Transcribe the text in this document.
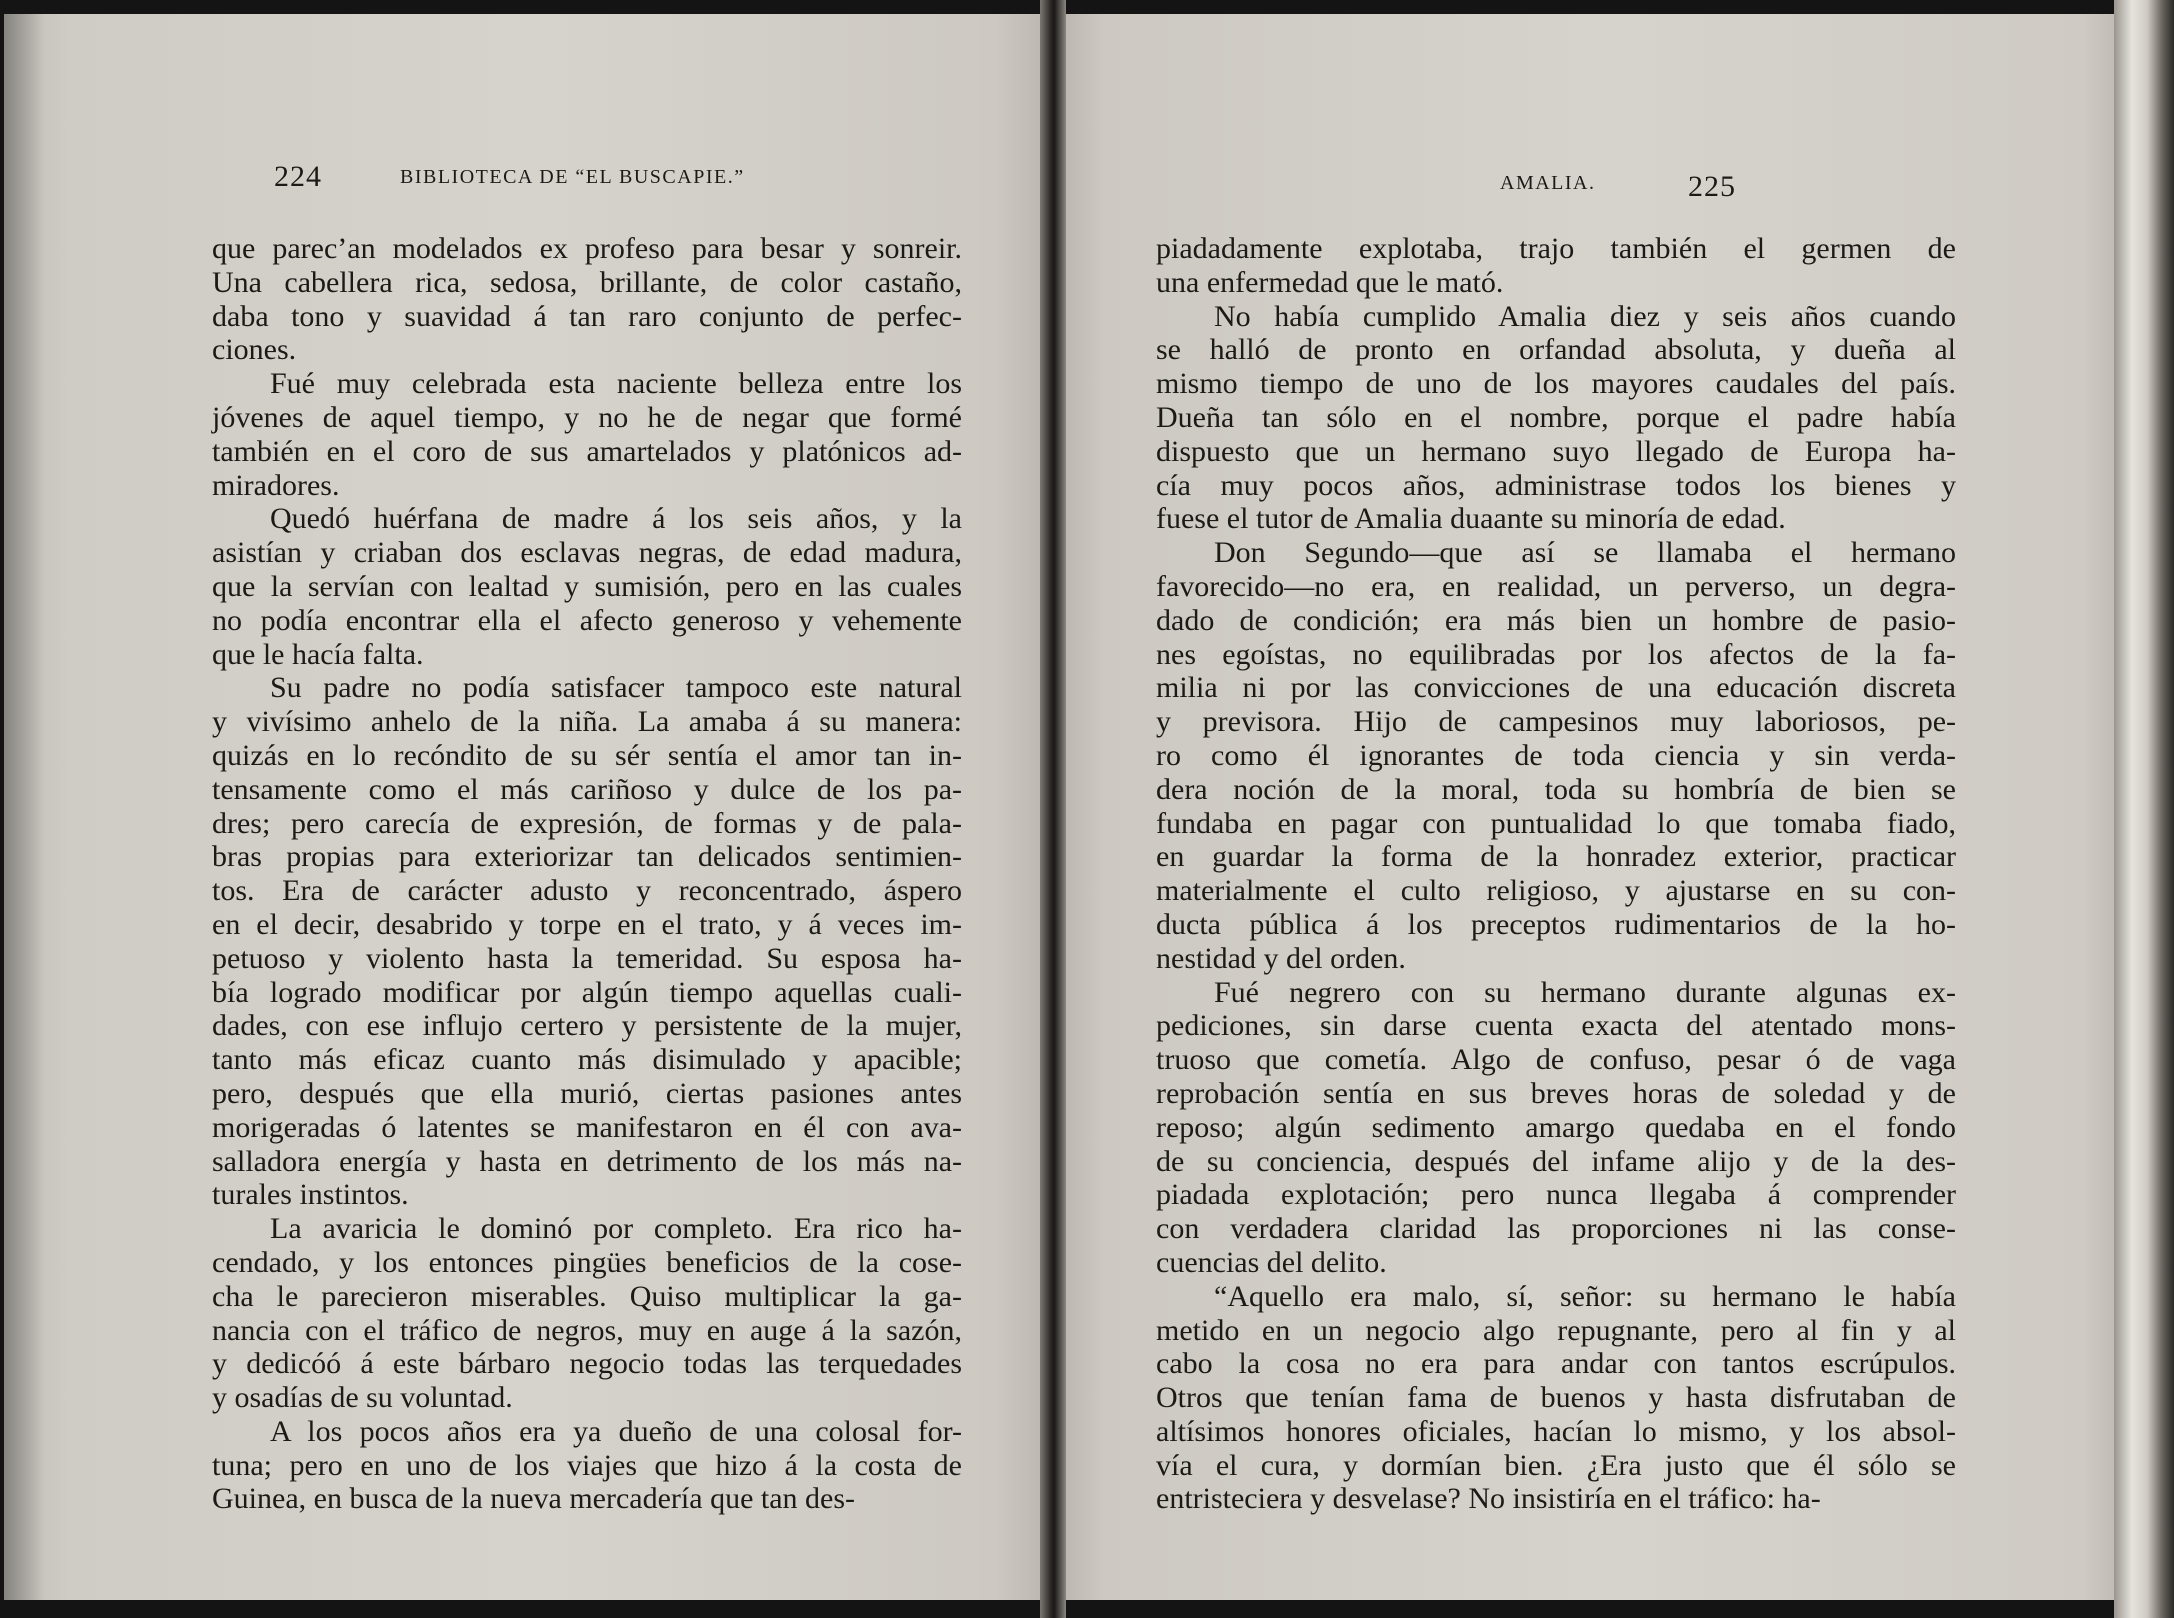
224	BIBLIOTECA DE “EL BUSCAPIE.”
que parec’an modelados ex profeso para besar y sonreir.
Una cabellera rica, sedosa, brillante, de color castaño,
daba tono y suavidad á tan raro conjunto de perfec-
ciones.
Fué muy celebrada esta naciente belleza entre los
jóvenes de aquel tiempo, y no he de negar que formé
también en el coro de sus amartelados y platónicos ad-
miradores.
Quedó huérfana de madre á los seis años, y la
asistían y criaban dos esclavas negras, de edad madura,
que la servían con lealtad y sumisión, pero en las cuales
no podía encontrar ella el afecto generoso y vehemente
que le hacía falta.
Su padre no podía satisfacer tampoco este natural
y vivísimo anhelo de la niña. La amaba á su manera:
quizás en lo recóndito de su sér sentía el amor tan in-
tensamente como el más cariñoso y dulce de los pa-
dres; pero carecía de expresión, de formas y de pala-
bras propias para exteriorizar tan delicados sentimien-
tos. Era de carácter adusto y reconcentrado, áspero
en el decir, desabrido y torpe en el trato, y á veces im-
petuoso y violento hasta la temeridad. Su esposa ha-
bía logrado modificar por algún tiempo aquellas cuali-
dades, con ese influjo certero y persistente de la mujer,
tanto más eficaz cuanto más disimulado y apacible;
pero, después que ella murió, ciertas pasiones antes
morigeradas ó latentes se manifestaron en él con ava-
salladora energía y hasta en detrimento de los más na-
turales instintos.
La avaricia le dominó por completo. Era rico ha-
cendado, y los entonces pingües beneficios de la cose-
cha le parecieron miserables. Quiso multiplicar la ga-
nancia con el tráfico de negros, muy en auge á la sazón,
y dedicóó á este bárbaro negocio todas las terquedades
y osadías de su voluntad.
A los pocos años era ya dueño de una colosal for-
tuna; pero en uno de los viajes que hizo á la costa de
Guinea, en busca de la nueva mercadería que tan des-
AMALIA.	225
piadadamente explotaba, trajo también el germen de
una enfermedad que le mató.
No había cumplido Amalia diez y seis años cuando
se halló de pronto en orfandad absoluta, y dueña al
mismo tiempo de uno de los mayores caudales del país.
Dueña tan sólo en el nombre, porque el padre había
dispuesto que un hermano suyo llegado de Europa ha-
cía muy pocos años, administrase todos los bienes y
fuese el tutor de Amalia duaante su minoría de edad.
Don Segundo—que así se llamaba el hermano
favorecido—no era, en realidad, un perverso, un degra-
dado de condición; era más bien un hombre de pasio-
nes egoístas, no equilibradas por los afectos de la fa-
milia ni por las convicciones de una educación discreta
y previsora. Hijo de campesinos muy laboriosos, pe-
ro como él ignorantes de toda ciencia y sin verda-
dera noción de la moral, toda su hombría de bien se
fundaba en pagar con puntualidad lo que tomaba fiado,
en guardar la forma de la honradez exterior, practicar
materialmente el culto religioso, y ajustarse en su con-
ducta pública á los preceptos rudimentarios de la ho-
nestidad y del orden.
Fué negrero con su hermano durante algunas ex-
pediciones, sin darse cuenta exacta del atentado mons-
truoso que cometía. Algo de confuso, pesar ó de vaga
reprobación sentía en sus breves horas de soledad y de
reposo; algún sedimento amargo quedaba en el fondo
de su conciencia, después del infame alijo y de la des-
piadada explotación; pero nunca llegaba á comprender
con verdadera claridad las proporciones ni las conse-
cuencias del delito.
“Aquello era malo, sí, señor: su hermano le había
metido en un negocio algo repugnante, pero al fin y al
cabo la cosa no era para andar con tantos escrúpulos.
Otros que tenían fama de buenos y hasta disfrutaban de
altísimos honores oficiales, hacían lo mismo, y los absol-
vía el cura, y dormían bien. ¿Era justo que él sólo se
entristeciera y desvelase? No insistiría en el tráfico: ha-
